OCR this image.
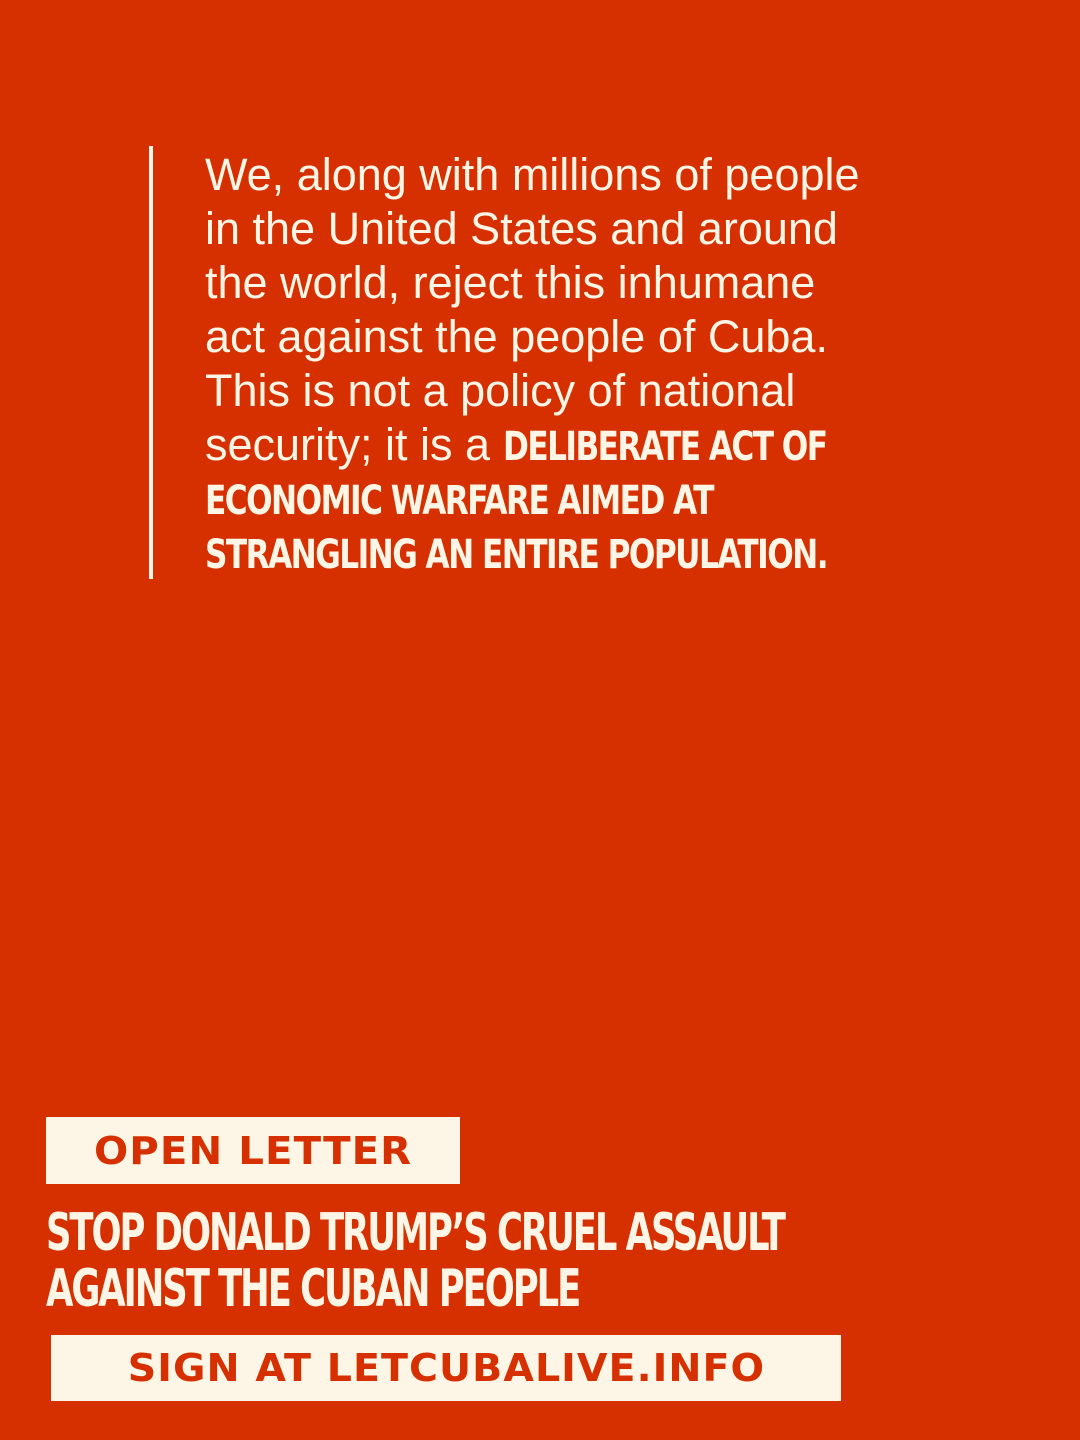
We, along with millions of people
in the United States and around
the world, reject this inhumane
act against the people of Cuba.
This is not a policy of national
security; it is a DELIBERATE ACT OF
ECONOMIC WARFARE AIMED AT
STRANGLING AN ENTIRE POPULATION.
OPEN LETTER
STOP DONALD TRUMP’S CRUEL ASSAULT
AGAINST THE CUBAN PEOPLE
SIGN AT LETCUBALIVE.INFO
